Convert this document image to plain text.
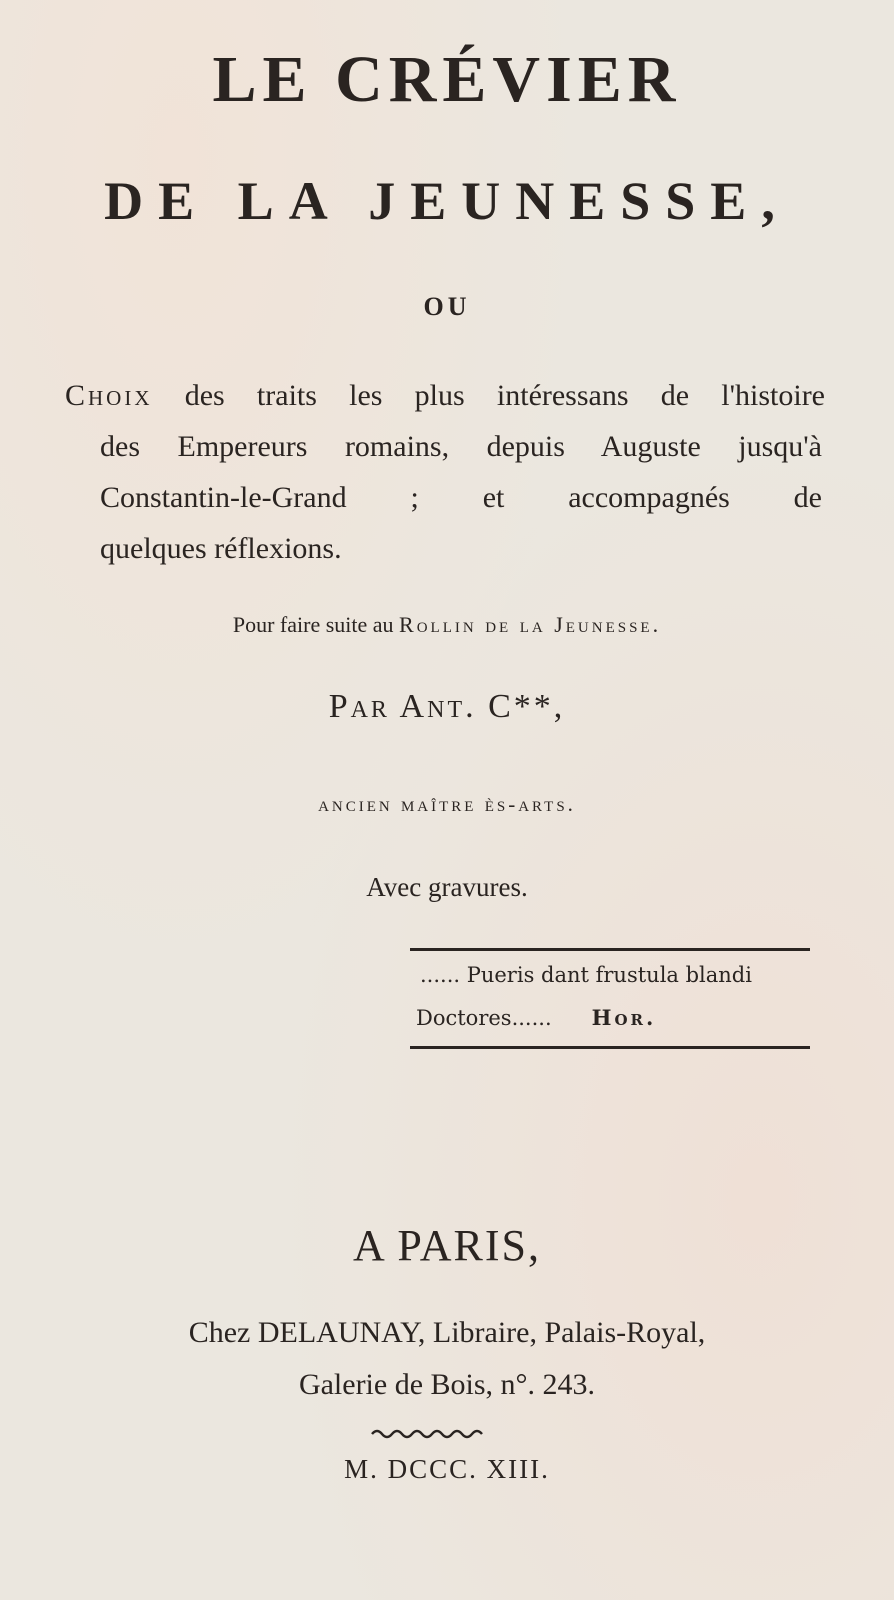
LE CRÉVIER
DE LA JEUNESSE,
OU
Choix des traits les plus intéressans de l'histoire
des Empereurs romains, depuis Auguste jusqu'à
Constantin-le-Grand ; et accompagnés de
quelques réflexions.
Pour faire suite au Rollin de la Jeunesse.
Par Ant. C**,
ancien maître ès-arts.
Avec gravures.
...... Pueris dant frustula blandi
Doctores...... Hor.
A PARIS,
Chez DELAUNAY, Libraire, Palais-Royal,
Galerie de Bois, n°. 243.
M. DCCC. XIII.
